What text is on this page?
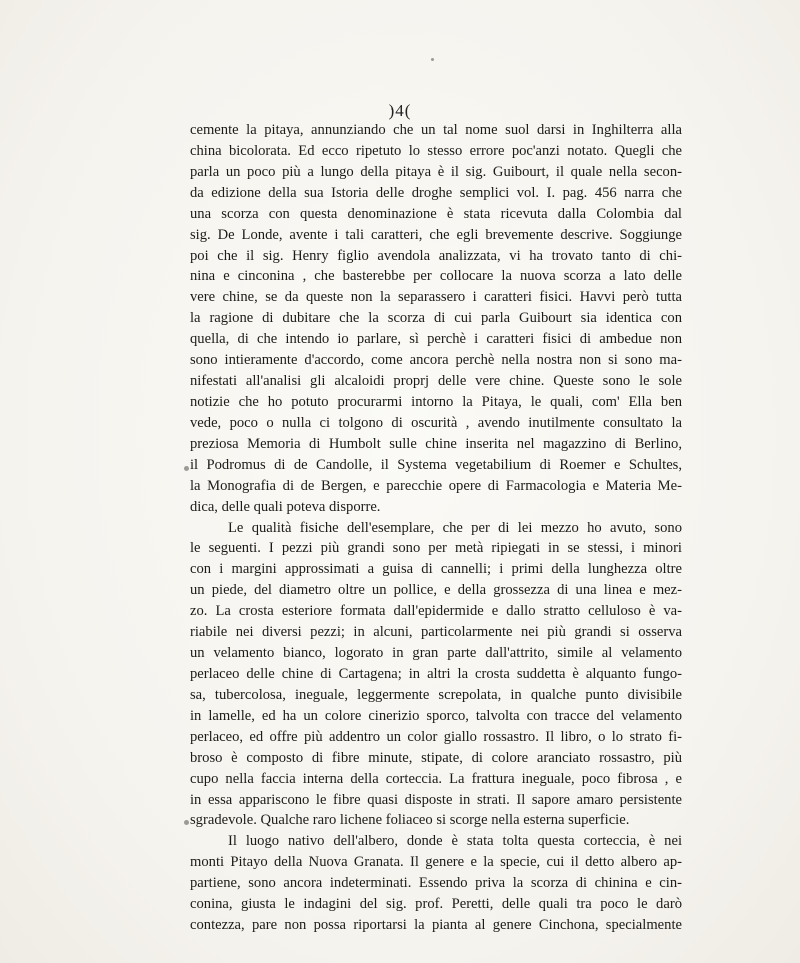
)4(
cemente la pitaya, annunziando che un tal nome suol darsi in Inghilterra alla
china bicolorata. Ed ecco ripetuto lo stesso errore poc'anzi notato. Quegli che
parla un poco più a lungo della pitaya è il sig. Guibourt, il quale nella secon-
da edizione della sua Istoria delle droghe semplici vol. I. pag. 456 narra che
una scorza con questa denominazione è stata ricevuta dalla Colombia dal
sig. De Londe, avente i tali caratteri, che egli brevemente descrive. Soggiunge
poi che il sig. Henry figlio avendola analizzata, vi ha trovato tanto di chi-
nina e cinconina , che basterebbe per collocare la nuova scorza a lato delle
vere chine, se da queste non la separassero i caratteri fisici. Havvi però tutta
la ragione di dubitare che la scorza di cui parla Guibourt sia identica con
quella, di che intendo io parlare, sì perchè i caratteri fisici di ambedue non
sono intieramente d'accordo, come ancora perchè nella nostra non si sono ma-
nifestati all'analisi gli alcaloidi proprj delle vere chine. Queste sono le sole
notizie che ho potuto procurarmi intorno la Pitaya, le quali, com' Ella ben
vede, poco o nulla ci tolgono di oscurità , avendo inutilmente consultato la
preziosa Memoria di Humbolt sulle chine inserita nel magazzino di Berlino,
il Podromus di de Candolle, il Systema vegetabilium di Roemer e Schultes,
la Monografia di de Bergen, e parecchie opere di Farmacologia e Materia Me-
dica, delle quali poteva disporre.
Le qualità fisiche dell'esemplare, che per di lei mezzo ho avuto, sono
le seguenti. I pezzi più grandi sono per metà ripiegati in se stessi, i minori
con i margini approssimati a guisa di cannelli; i primi della lunghezza oltre
un piede, del diametro oltre un pollice, e della grossezza di una linea e mez-
zo. La crosta esteriore formata dall'epidermide e dallo stratto celluloso è va-
riabile nei diversi pezzi; in alcuni, particolarmente nei più grandi si osserva
un velamento bianco, logorato in gran parte dall'attrito, simile al velamento
perlaceo delle chine di Cartagena; in altri la crosta suddetta è alquanto fungo-
sa, tubercolosa, ineguale, leggermente screpolata, in qualche punto divisibile
in lamelle, ed ha un colore cinerizio sporco, talvolta con tracce del velamento
perlaceo, ed offre più addentro un color giallo rossastro. Il libro, o lo strato fi-
broso è composto di fibre minute, stipate, di colore aranciato rossastro, più
cupo nella faccia interna della corteccia. La frattura ineguale, poco fibrosa , e
in essa appariscono le fibre quasi disposte in strati. Il sapore amaro persistente
sgradevole. Qualche raro lichene foliaceo si scorge nella esterna superficie.
Il luogo nativo dell'albero, donde è stata tolta questa corteccia, è nei
monti Pitayo della Nuova Granata. Il genere e la specie, cui il detto albero ap-
partiene, sono ancora indeterminati. Essendo priva la scorza di chinina e cin-
conina, giusta le indagini del sig. prof. Peretti, delle quali tra poco le darò
contezza, pare non possa riportarsi la pianta al genere Cinchona, specialmente
